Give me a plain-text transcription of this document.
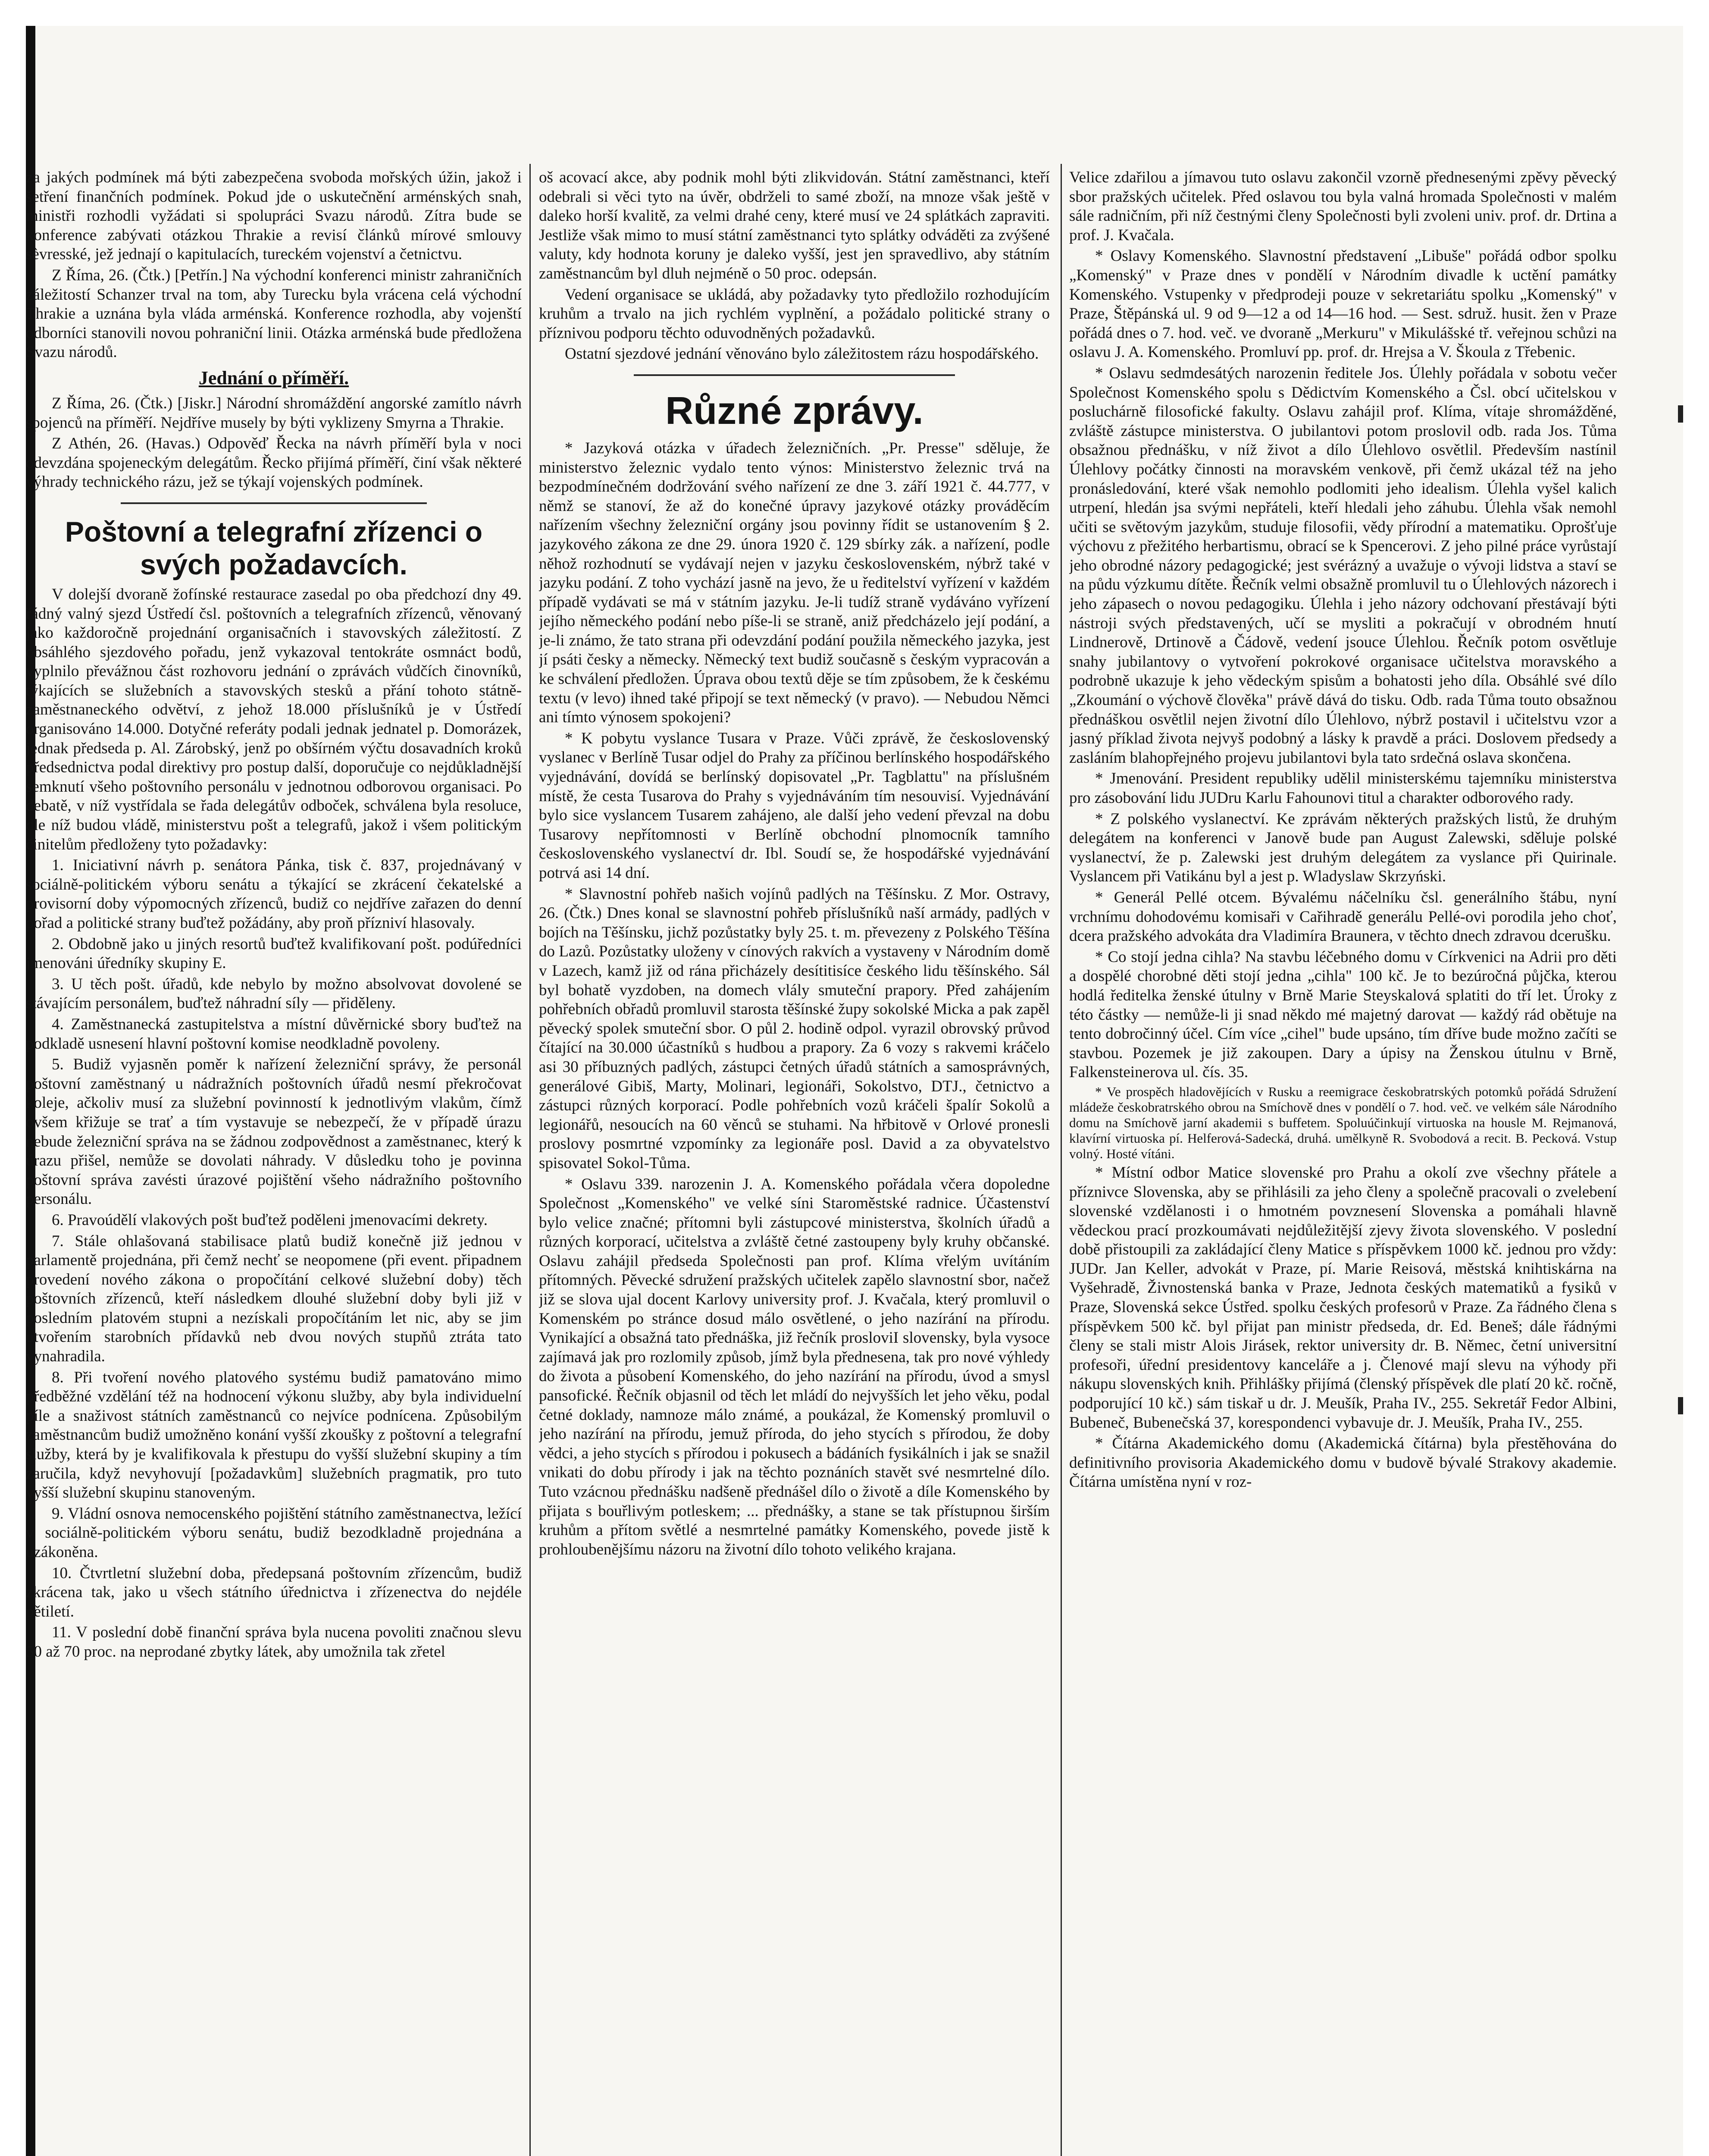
za jakých podmínek má býti zabezpečena svoboda mořských úžin, jakož i šetření finančních podmínek. Pokud jde o uskutečnění arménských snah, ministři rozhodli vyžádati si spolupráci Svazu národů. Zítra bude se konference zabývati otázkou Thrakie a revisí článků mírové smlouvy sèvresské, jež jednají o kapitulacích, tureckém vojenství a četnictvu.

Z Říma, 26. (Čtk.) [Petřín.] Na východní konferenci ministr zahraničních záležitostí Schanzer trval na tom, aby Turecku byla vrácena celá východní Thrakie a uznána byla vláda arménská. Konference rozhodla, aby vojenští odborníci stanovili novou pohraniční linii. Otázka arménská bude předložena Svazu národů.

Jednání o příměří.

Z Říma, 26. (Čtk.) [Jiskr.] Národní shromáždění angorské zamítlo návrh spojenců na příměří. Nejdříve musely by býti vyklizeny Smyrna a Thrakie.

Z Athén, 26. (Havas.) Odpověď Řecka na návrh příměří byla v noci odevzdána spojeneckým delegátům. Řecko přijímá příměří, činí však některé výhrady technického rázu, jež se týkají vojenských podmínek.

Poštovní a telegrafní zřízenci o svých požadavcích.

V dolejší dvoraně žofínské restaurace zasedal po oba předchozí dny 49. řádný valný sjezd Ústředí čsl. poštovních a telegrafních zřízenců, věnovaný jako každoročně projednání organisačních i stavovských záležitostí. Z obsáhlého sjezdového pořadu, jenž vykazoval tentokráte osmnáct bodů, vyplnilo převážnou část rozhovoru jednání o zprávách vůdčích činovníků, týkajících se služebních a stavovských stesků a přání tohoto státně-zaměstnaneckého odvětví, z jehož 18.000 příslušníků je v Ústředí organisováno 14.000. Dotyčné referáty podali jednak jednatel p. Domorázek, jednak předseda p. Al. Zárobský, jenž po obšírném výčtu dosavadních kroků předsednictva podal direktivy pro postup další, doporučuje co nejdůkladnější semknutí všeho poštovního personálu v jednotnou odborovou organisaci. Po debatě, v níž vystřídala se řada delegátův odboček, schválena byla resoluce, dle níž budou vládě, ministerstvu pošt a telegrafů, jakož i všem politickým činitelům předloženy tyto požadavky:

1. Iniciativní návrh p. senátora Pánka, tisk č. 837, projednávaný v sociálně-politickém výboru senátu a týkající se zkrácení čekatelské a provisorní doby výpomocných zřízenců, budiž co nejdříve zařazen do denní pořad a politické strany buďtež požádány, aby proň přízniví hlasovaly.

2. Obdobně jako u jiných resortů buďtež kvalifikovaní pošt. podúředníci jmenováni úředníky skupiny E.

3. U těch pošt. úřadů, kde nebylo by možno absolvovat dovolené se stávajícím personálem, buďtež náhradní síly — přiděleny.

4. Zaměstnanecká zastupitelstva a místní důvěrnické sbory buďtež na podkladě usnesení hlavní poštovní komise neodkladně povoleny.

5. Budiž vyjasněn poměr k nařízení železniční správy, že personál poštovní zaměstnaný u nádražních poštovních úřadů nesmí překročovat koleje, ačkoliv musí za služební povinností k jednotlivým vlakům, čímž ovšem křižuje se trať a tím vystavuje se nebezpečí, že v případě úrazu nebude železniční správa na se žádnou zodpovědnost a zaměstnanec, který k úrazu přišel, nemůže se dovolati náhrady. V důsledku toho je povinna poštovní správa zavésti úrazové pojištění všeho nádražního poštovního personálu.

6. Pravoúdělí vlakových pošt buďtež poděleni jmenovacími dekrety.

7. Stále ohlašovaná stabilisace platů budiž konečně již jednou v parlamentě projednána, při čemž nechť se neopomene (při event. připadnem provedení nového zákona o propočítání celkové služební doby) těch poštovních zřízenců, kteří následkem dlouhé služební doby byli již v posledním platovém stupni a nezískali propočítáním let nic, aby se jim utvořením starobních přídavků neb dvou nových stupňů ztráta tato vynahradila.

8. Při tvoření nového platového systému budiž pamatováno mimo předběžné vzdělání též na hodnocení výkonu služby, aby byla individuelní píle a snaživost státních zaměstnanců co nejvíce podnícena. Způsobilým zaměstnancům budiž umožněno konání vyšší zkoušky z poštovní a telegrafní služby, která by je kvalifikovala k přestupu do vyšší služební skupiny a tím zaručila, když nevyhovují [požadavkům] služebních pragmatik, pro tuto vyšší služební skupinu stanoveným.

9. Vládní osnova nemocenského pojištění státního zaměstnanectva, ležící v sociálně-politickém výboru senátu, budiž bezodkladně projednána a uzákoněna.

10. Čtvrtletní služební doba, předepsaná poštovním zřízencům, budiž zkrácena tak, jako u všech státního úřednictva i zřízenectva do nejdéle pětiletí.

11. V poslední době finanční správa byla nucena povoliti značnou slevu 50 až 70 proc. na neprodané zbytky látek, aby umožnila tak zřetel

oš acovací akce, aby podnik mohl býti zlikvidován. Státní zaměstnanci, kteří odebrali si věci tyto na úvěr, obdrželi to samé zboží, na mnoze však ještě v daleko horší kvalitě, za velmi drahé ceny, které musí ve 24 splátkách zapraviti. Jestliže však mimo to musí státní zaměstnanci tyto splátky odváděti za zvýšené valuty, kdy hodnota koruny je daleko vyšší, jest jen spravedlivo, aby státním zaměstnancům byl dluh nejméně o 50 proc. odepsán.

Vedení organisace se ukládá, aby požadavky tyto předložilo rozhodujícím kruhům a trvalo na jich rychlém vyplnění, a požádalo politické strany o příznivou podporu těchto oduvodněných požadavků.

Ostatní sjezdové jednání věnováno bylo záležitostem rázu hospodářského.

Různé zprávy.

* Jazyková otázka v úřadech železničních. „Pr. Presse" sděluje, že ministerstvo železnic vydalo tento výnos: Ministerstvo železnic trvá na bezpodmínečném dodržování svého nařízení ze dne 3. září 1921 č. 44.777, v němž se stanoví, že až do konečné úpravy jazykové otázky prováděcím nařízením všechny železniční orgány jsou povinny řídit se ustanovením § 2. jazykového zákona ze dne 29. února 1920 č. 129 sbírky zák. a nařízení, podle něhož rozhodnutí se vydávají nejen v jazyku československém, nýbrž také v jazyku podání. Z toho vychází jasně na jevo, že u ředitelství vyřízení v každém případě vydávati se má v státním jazyku. Je-li tudíž straně vydáváno vyřízení jejího německého podání nebo píše-li se straně, aniž předcházelo její podání, a je-li známo, že tato strana při odevzdání podání použila německého jazyka, jest jí psáti česky a německy. Německý text budiž současně s českým vypracován a ke schválení předložen. Úprava obou textů děje se tím způsobem, že k českému textu (v levo) ihned také připojí se text německý (v pravo). — Nebudou Němci ani tímto výnosem spokojeni?

* K pobytu vyslance Tusara v Praze. Vůči zprávě, že československý vyslanec v Berlíně Tusar odjel do Prahy za příčinou berlínského hospodářského vyjednávání, dovídá se berlínský dopisovatel „Pr. Tagblattu" na příslušném místě, že cesta Tusarova do Prahy s vyjednáváním tím nesouvisí. Vyjednávání bylo sice vyslancem Tusarem zahájeno, ale další jeho vedení převzal na dobu Tusarovy nepřítomnosti v Berlíně obchodní plnomocník tamního československého vyslanectví dr. Ibl. Soudí se, že hospodářské vyjednávání potrvá asi 14 dní.

* Slavnostní pohřeb našich vojínů padlých na Těšínsku. Z Mor. Ostravy, 26. (Čtk.) Dnes konal se slavnostní pohřeb příslušníků naší armády, padlých v bojích na Těšínsku, jichž pozůstatky byly 25. t. m. převezeny z Polského Těšína do Lazů. Pozůstatky uloženy v cínových rakvích a vystaveny v Národním domě v Lazech, kamž již od rána přicházely desítitisíce českého lidu těšínského. Sál byl bohatě vyzdoben, na domech vlály smuteční prapory. Před zahájením pohřebních obřadů promluvil starosta těšínské župy sokolské Micka a pak zapěl pěvecký spolek smuteční sbor. O půl 2. hodině odpol. vyrazil obrovský průvod čítající na 30.000 účastníků s hudbou a prapory. Za 6 vozy s rakvemi kráčelo asi 30 příbuzných padlých, zástupci četných úřadů státních a samosprávných, generálové Gibiš, Marty, Molinari, legionáři, Sokolstvo, DTJ., četnictvo a zástupci různých korporací. Podle pohřebních vozů kráčeli špalír Sokolů a legionářů, nesoucích na 60 věnců se stuhami. Na hřbitově v Orlové pronesli proslovy posmrtné vzpomínky za legionáře posl. David a za obyvatelstvo spisovatel Sokol-Tůma.

* Oslavu 339. narozenin J. A. Komenského pořádala včera dopoledne Společnost „Komenského" ve velké síni Staroměstské radnice. Účastenství bylo velice značné; přítomni byli zástupcové ministerstva, školních úřadů a různých korporací, učitelstva a zvláště četné zastoupeny byly kruhy občanské. Oslavu zahájil předseda Společnosti pan prof. Klíma vřelým uvítáním přítomných. Pěvecké sdružení pražských učitelek zapělo slavnostní sbor, načež již se slova ujal docent Karlovy university prof. J. Kvačala, který promluvil o Komenském po stránce dosud málo osvětlené, o jeho nazírání na přírodu. Vynikající a obsažná tato přednáška, již řečník prosloviI slovensky, byla vysoce zajímavá jak pro rozlomily způsob, jímž byla přednesena, tak pro nové výhledy do života a působení Komenského, do jeho nazírání na přírodu, úvod a smysl pansofické. Řečník objasnil od těch let mládí do nejvyšších let jeho věku, podal četné doklady, namnoze málo známé, a poukázal, že Komenský promluvil o jeho nazírání na přírodu, jemuž příroda, do jeho stycích s přírodou, že doby vědci, a jeho stycích s přírodou i pokusech a bádáních fysikálních i jak se snažil vnikati do dobu přírody i jak na těchto poznáních stavět své nesmrtelné dílo. Tuto vzácnou přednášku nadšeně přednášel dílo o životě a díle Komenského by přijata s bouřlivým potleskem; ... přednášky, a stane se tak přístupnou širším kruhům a přítom světlé a nesmrtelné památky Komenského, povede jistě k prohloubenějšímu názoru na životní dílo tohoto velikého krajana.

Velice zdařilou a jímavou tuto oslavu zakončil vzorně přednesenými zpěvy pěvecký sbor pražských učitelek. Před oslavou tou byla valná hromada Společnosti v malém sále radničním, při níž čestnými členy Společnosti byli zvoleni univ. prof. dr. Drtina a prof. J. Kvačala.

* Oslavy Komenského. Slavnostní představení „Libuše" pořádá odbor spolku „Komenský" v Praze dnes v pondělí v Národním divadle k uctění památky Komenského. Vstupenky v předprodeji pouze v sekretariátu spolku „Komenský" v Praze, Štěpánská ul. 9 od 9—12 a od 14—16 hod. — Sest. sdruž. husit. žen v Praze pořádá dnes o 7. hod. več. ve dvoraně „Merkuru" v Mikulášské tř. veřejnou schůzi na oslavu J. A. Komenského. Promluví pp. prof. dr. Hrejsa a V. Škoula z Třebenic.

* Oslavu sedmdesátých narozenin ředitele Jos. Úlehly pořádala v sobotu večer Společnost Komenského spolu s Dědictvím Komenského a Čsl. obcí učitelskou v posluchárně filosofické fakulty. Oslavu zahájil prof. Klíma, vítaje shromážděné, zvláště zástupce ministerstva. O jubilantovi potom proslovil odb. rada Jos. Tůma obsažnou přednášku, v níž život a dílo Úlehlovo osvětlil. Především nastínil Úlehlovy počátky činnosti na moravském venkově, při čemž ukázal též na jeho pronásledování, které však nemohlo podlomiti jeho idealism. Úlehla vyšel kalich utrpení, hledán jsa svými nepřáteli, kteří hledali jeho záhubu. Úlehla však nemohl učiti se světovým jazykům, studuje filosofii, vědy přírodní a matematiku. Oprošťuje výchovu z přežitého herbartismu, obrací se k Spencerovi. Z jeho pilné práce vyrůstají jeho obrodné názory pedagogické; jest svérázný a uvažuje o vývoji lidstva a staví se na půdu výzkumu dítěte. Řečník velmi obsažně promluvil tu o Úlehlových názorech i jeho zápasech o novou pedagogiku. Úlehla i jeho názory odchovaní přestávají býti nástroji svých představených, učí se mysliti a pokračují v obrodném hnutí Lindnerově, Drtinově a Čádově, vedení jsouce Úlehlou. Řečník potom osvětluje snahy jubilantovy o vytvoření pokrokové organisace učitelstva moravského a podrobně ukazuje k jeho vědeckým spisům a bohatosti jeho díla. Obsáhlé své dílo „Zkoumání o výchově člověka" právě dává do tisku. Odb. rada Tůma touto obsažnou přednáškou osvětlil nejen životní dílo Úlehlovo, nýbrž postavil i učitelstvu vzor a jasný příklad života nejvyš podobný a lásky k pravdě a práci. Doslovem předsedy a zasláním blahopřejného projevu jubilantovi byla tato srdečná oslava skončena.

* Jmenování. President republiky udělil ministerskému tajemníku ministerstva pro zásobování lidu JUDru Karlu Fahounovi titul a charakter odborového rady.

* Z polského vyslanectví. Ke zprávám některých pražských listů, že druhým delegátem na konferenci v Janově bude pan August Zalewski, sděluje polské vyslanectví, že p. Zalewski jest druhým delegátem za vyslance při Quirinale. Vyslancem při Vatikánu byl a jest p. Wladyslaw Skrzyński.

* Generál Pellé otcem. Bývalému náčelníku čsl. generálního štábu, nyní vrchnímu dohodovému komisaři v Cařihradě generálu Pellé-ovi porodila jeho choť, dcera pražského advokáta dra Vladimíra Braunera, v těchto dnech zdravou dcerušku.

* Co stojí jedna cihla? Na stavbu léčebného domu v Církvenici na Adrii pro děti a dospělé chorobné děti stojí jedna „cihla" 100 kč. Je to bezúročná půjčka, kterou hodlá ředitelka ženské útulny v Brně Marie Steyskalová splatiti do tří let. Úroky z této částky — nemůže-li ji snad někdo mé majetný darovat — každý rád obětuje na tento dobročinný účel. Cím více „cihel" bude upsáno, tím dříve bude možno začíti se stavbou. Pozemek je již zakoupen. Dary a úpisy na Ženskou útulnu v Brně, Falkensteinerova ul. čís. 35.

* Ve prospěch hladovějících v Rusku a reemigrace českobratrských potomků pořádá Sdružení mládeže českobratrského obrou na Smíchově dnes v pondělí o 7. hod. več. ve velkém sále Národního domu na Smíchově jarní akademii s buffetem. Spoluúčinkují virtuoska na housle M. Rejmanová, klavírní virtuoska pí. Helferová-Sadecká, druhá. umělkyně R. Svobodová a recit. B. Pecková. Vstup volný. Hosté vítáni.

* Místní odbor Matice slovenské pro Prahu a okolí zve všechny přátele a příznivce Slovenska, aby se přihlásili za jeho členy a společně pracovali o zvelebení slovenské vzdělanosti i o hmotném povznesení Slovenska a pomáhali hlavně vědeckou prací prozkoumávati nejdůležitější zjevy života slovenského. V poslední době přistoupili za zakládající členy Matice s příspěvkem 1000 kč. jednou pro vždy: JUDr. Jan Keller, advokát v Praze, pí. Marie Reisová, městská knihtiskárna na Vyšehradě, Živnostenská banka v Praze, Jednota českých matematiků a fysiků v Praze, Slovenská sekce Ústřed. spolku českých profesorů v Praze. Za řádného člena s příspěvkem 500 kč. byl přijat pan ministr předseda, dr. Ed. Beneš; dále řádnými členy se stali mistr Alois Jirásek, rektor university dr. B. Němec, četní universitní profesoři, úřední presidentovy kanceláře a j. Členové mají slevu na výhody při nákupu slovenských knih. Přihlášky přijímá (členský příspěvek dle platí 20 kč. ročně, podporující 10 kč.) sám tiskař u dr. J. Meušík, Praha IV., 255. Sekretář Fedor Albini, Bubeneč, Bubenečská 37, korespondenci vybavuje dr. J. Meušík, Praha IV., 255.

* Čítárna Akademického domu (Akademická čítárna) byla přestěhována do definitivního provisoria Akademického domu v budově bývalé Strakovy akademie. Čítárna umístěna nyní v roz-
